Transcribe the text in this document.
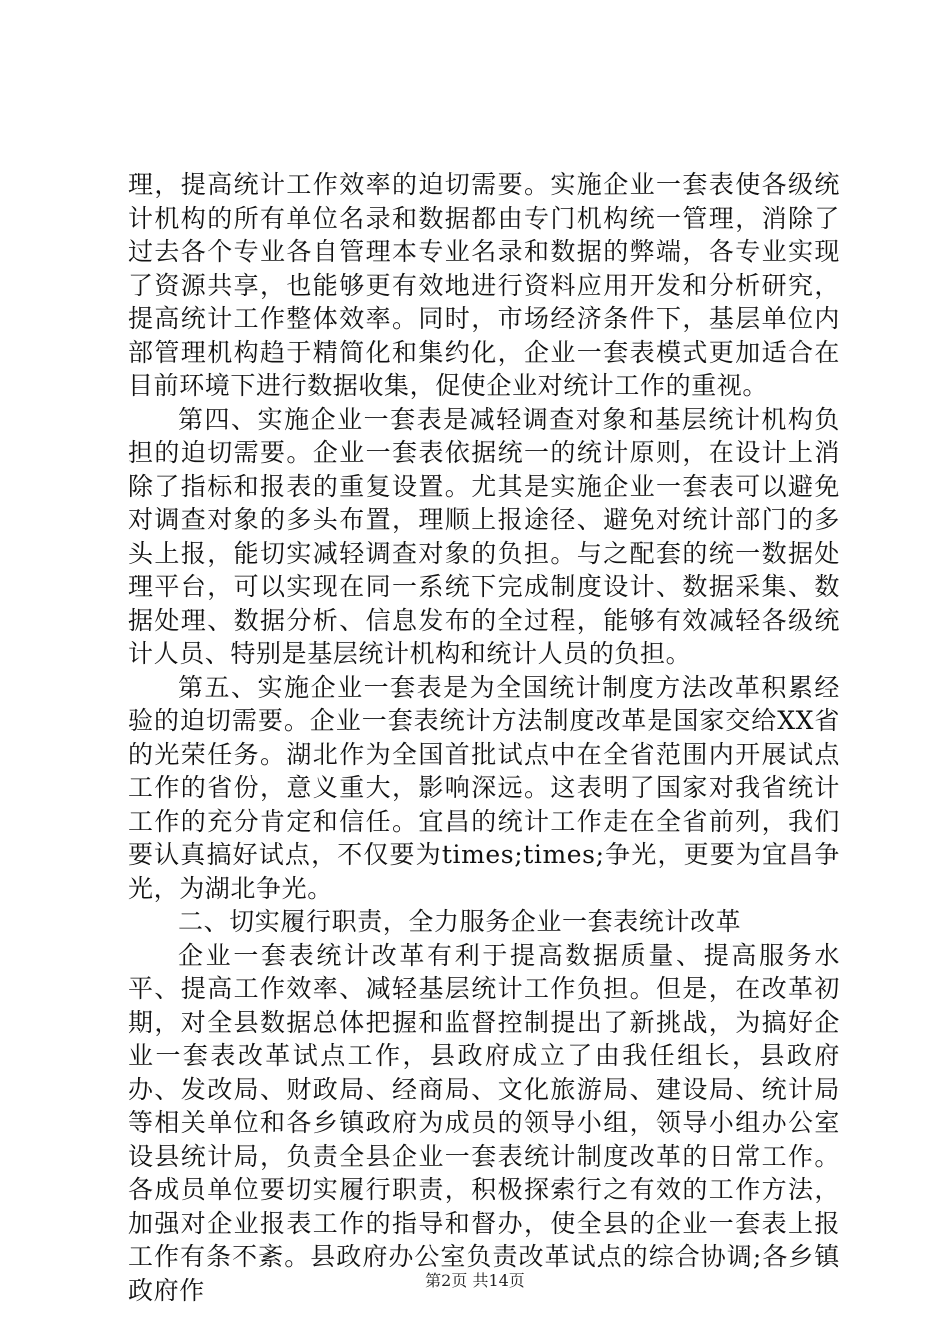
理，提高统计工作效率的迫切需要。实施企业一套表使各级统计机构的所有单位名录和数据都由专门机构统一管理，消除了过去各个专业各自管理本专业名录和数据的弊端，各专业实现了资源共享，也能够更有效地进行资料应用开发和分析研究，提高统计工作整体效率。同时，市场经济条件下，基层单位内部管理机构趋于精简化和集约化，企业一套表模式更加适合在目前环境下进行数据收集，促使企业对统计工作的重视。

第四、实施企业一套表是减轻调查对象和基层统计机构负担的迫切需要。企业一套表依据统一的统计原则，在设计上消除了指标和报表的重复设置。尤其是实施企业一套表可以避免对调查对象的多头布置，理顺上报途径、避免对统计部门的多头上报，能切实减轻调查对象的负担。与之配套的统一数据处理平台，可以实现在同一系统下完成制度设计、数据采集、数据处理、数据分析、信息发布的全过程，能够有效减轻各级统计人员、特别是基层统计机构和统计人员的负担。

第五、实施企业一套表是为全国统计制度方法改革积累经验的迫切需要。企业一套表统计方法制度改革是国家交给XX省的光荣任务。湖北作为全国首批试点中在全省范围内开展试点工作的省份，意义重大，影响深远。这表明了国家对我省统计工作的充分肯定和信任。宜昌的统计工作走在全省前列，我们要认真搞好试点，不仅要为times;times;争光，更要为宜昌争光，为湖北争光。

二、切实履行职责，全力服务企业一套表统计改革

企业一套表统计改革有利于提高数据质量、提高服务水平、提高工作效率、减轻基层统计工作负担。但是，在改革初期，对全县数据总体把握和监督控制提出了新挑战，为搞好企业一套表改革试点工作，县政府成立了由我任组长，县政府办、发改局、财政局、经商局、文化旅游局、建设局、统计局等相关单位和各乡镇政府为成员的领导小组，领导小组办公室设县统计局，负责全县企业一套表统计制度改革的日常工作。各成员单位要切实履行职责，积极探索行之有效的工作方法，加强对企业报表工作的指导和督办，使全县的企业一套表上报工作有条不紊。县政府办公室负责改革试点的综合协调;各乡镇政府作	第2页 共14页
